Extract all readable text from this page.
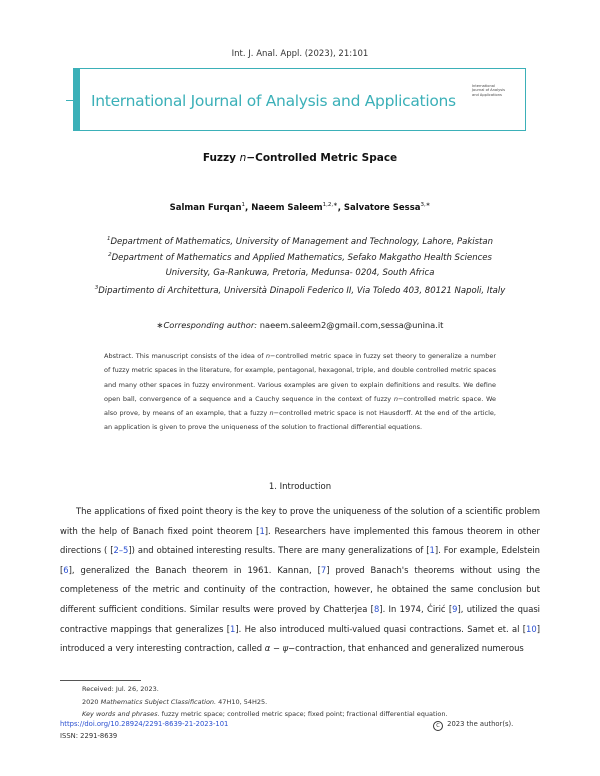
Int. J. Anal. Appl. (2023), 21:101
International Journal of Analysis and Applications
International
Journal of Analysis
and Applications
Fuzzy n−Controlled Metric Space
Salman Furqan$^1$, Naeem Saleem$^{1,2,∗}$, Salvatore Sessa$^{3,∗}$
$^1$Department of Mathematics, University of Management and Technology, Lahore, Pakistan
$^2$Department of Mathematics and Applied Mathematics, Sefako Makgatho Health Sciences
University, Ga-Rankuwa, Pretoria, Medunsa- 0204, South Africa
$^3$Dipartimento di Architettura, Università Dinapoli Federico II, Via Toledo 403, 80121 Napoli, Italy
∗Corresponding author: naeem.saleem2@gmail.com,sessa@unina.it
Abstract. This manuscript consists of the idea of n−controlled metric space in fuzzy set theory to generalize a number of fuzzy metric spaces in the literature, for example, pentagonal, hexagonal, triple, and double controlled metric spaces and many other spaces in fuzzy environment. Various examples are given to explain definitions and results. We define open ball, convergence of a sequence and a Cauchy sequence in the context of fuzzy n−controlled metric space. We also prove, by means of an example, that a fuzzy n−controlled metric space is not Hausdorff. At the end of the article, an application is given to prove the uniqueness of the solution to fractional differential equations.
1. Introduction
The applications of fixed point theory is the key to prove the uniqueness of the solution of a scientific problem with the help of Banach fixed point theorem [1]. Researchers have implemented this famous theorem in other directions ( [2–5]) and obtained interesting results. There are many generalizations of [1]. For example, Edelstein [6], generalized the Banach theorem in 1961. Kannan, [7] proved Banach's theorems without using the completeness of the metric and continuity of the contraction, however, he obtained the same conclusion but different sufficient conditions. Similar results were proved by Chatterjea [8]. In 1974, Ćirić [9], utilized the quasi contractive mappings that generalizes [1]. He also introduced multi-valued quasi contractions. Samet et. al [10] introduced a very interesting contraction, called α − ψ−contraction, that enhanced and generalized numerous
Received: Jul. 26, 2023.
2020 Mathematics Subject Classification. 47H10, 54H25.
Key words and phrases. fuzzy metric space; controlled metric space; fixed point; fractional differential equation.
https://doi.org/10.28924/2291-8639-21-2023-101
ISSN: 2291-8639
C 2023 the author(s).
